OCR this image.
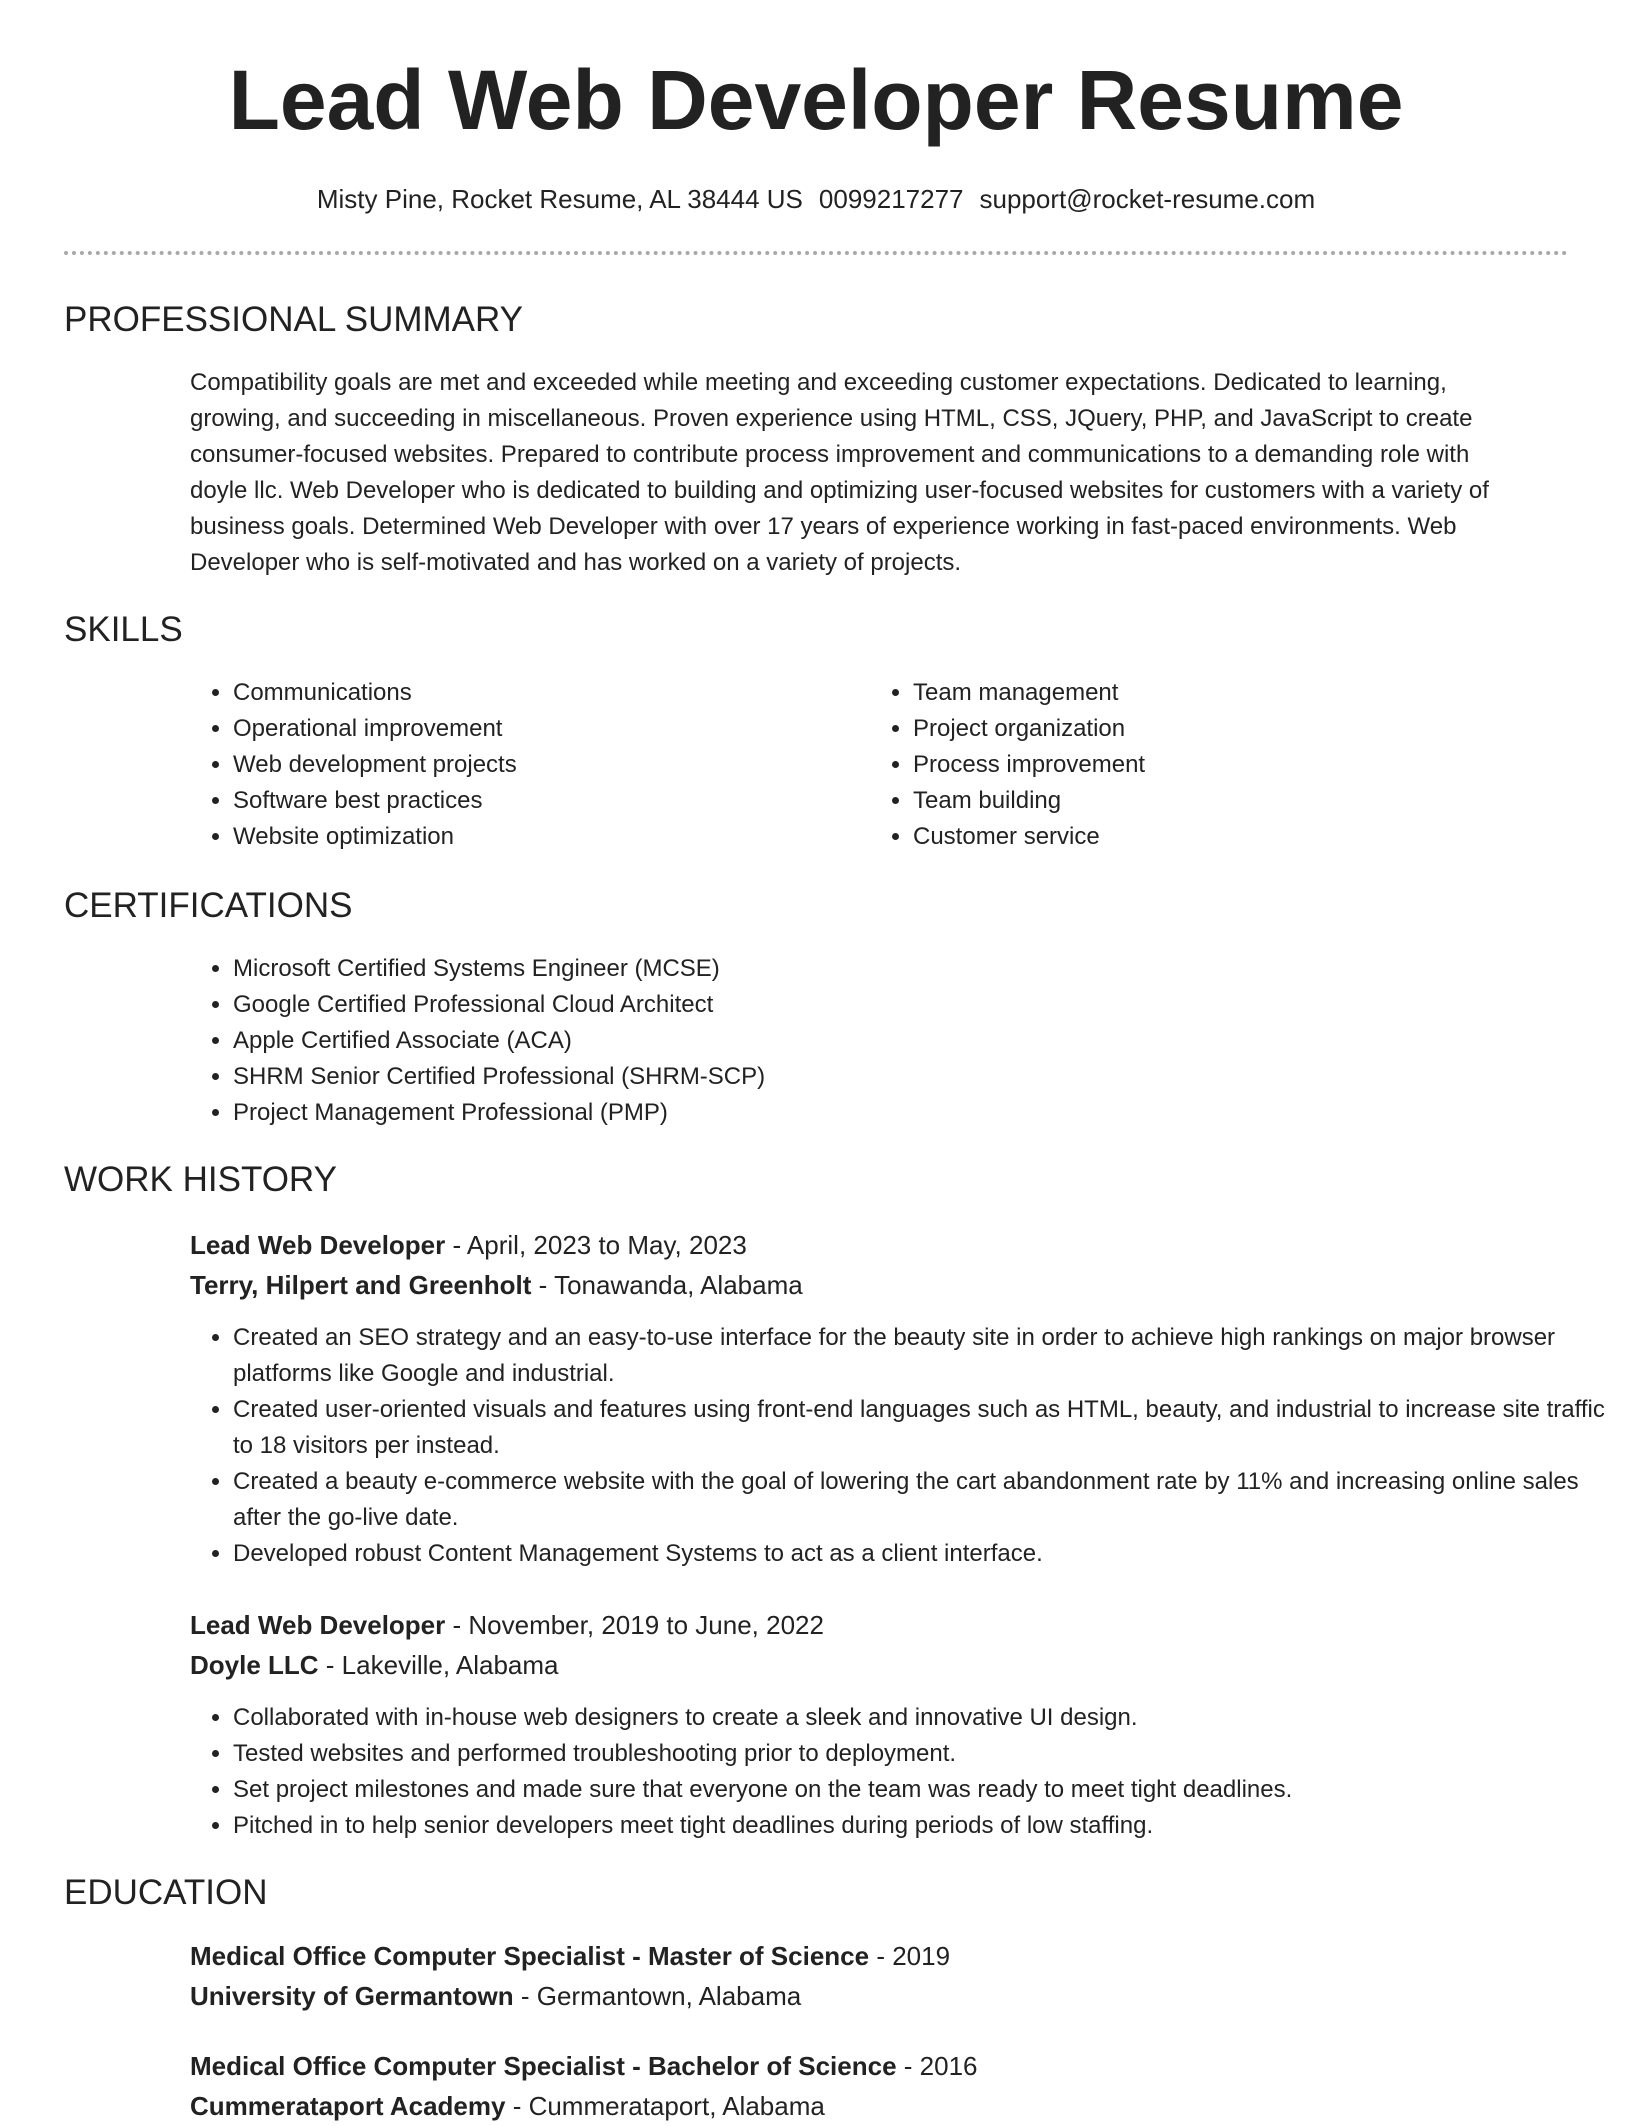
Lead Web Developer Resume
Misty Pine, Rocket Resume, AL 38444 US 0099217277 support@rocket-resume.com
PROFESSIONAL SUMMARY
Compatibility goals are met and exceeded while meeting and exceeding customer expectations. Dedicated to learning,
growing, and succeeding in miscellaneous. Proven experience using HTML, CSS, JQuery, PHP, and JavaScript to create
consumer-focused websites. Prepared to contribute process improvement and communications to a demanding role with
doyle llc. Web Developer who is dedicated to building and optimizing user-focused websites for customers with a variety of
business goals. Determined Web Developer with over 17 years of experience working in fast-paced environments. Web
Developer who is self-motivated and has worked on a variety of projects.
SKILLS
• Communications
• Operational improvement
• Web development projects
• Software best practices
• Website optimization
• Team management
• Project organization
• Process improvement
• Team building
• Customer service
CERTIFICATIONS
• Microsoft Certified Systems Engineer (MCSE)
• Google Certified Professional Cloud Architect
• Apple Certified Associate (ACA)
• SHRM Senior Certified Professional (SHRM-SCP)
• Project Management Professional (PMP)
WORK HISTORY
Lead Web Developer - April, 2023 to May, 2023
Terry, Hilpert and Greenholt - Tonawanda, Alabama
• Created an SEO strategy and an easy-to-use interface for the beauty site in order to achieve high rankings on major browser platforms like Google and industrial.
• Created user-oriented visuals and features using front-end languages such as HTML, beauty, and industrial to increase site traffic to 18 visitors per instead.
• Created a beauty e-commerce website with the goal of lowering the cart abandonment rate by 11% and increasing online sales after the go-live date.
• Developed robust Content Management Systems to act as a client interface.
Lead Web Developer - November, 2019 to June, 2022
Doyle LLC - Lakeville, Alabama
• Collaborated with in-house web designers to create a sleek and innovative UI design.
• Tested websites and performed troubleshooting prior to deployment.
• Set project milestones and made sure that everyone on the team was ready to meet tight deadlines.
• Pitched in to help senior developers meet tight deadlines during periods of low staffing.
EDUCATION
Medical Office Computer Specialist - Master of Science - 2019
University of Germantown - Germantown, Alabama
Medical Office Computer Specialist - Bachelor of Science - 2016
Cummerataport Academy - Cummerataport, Alabama
